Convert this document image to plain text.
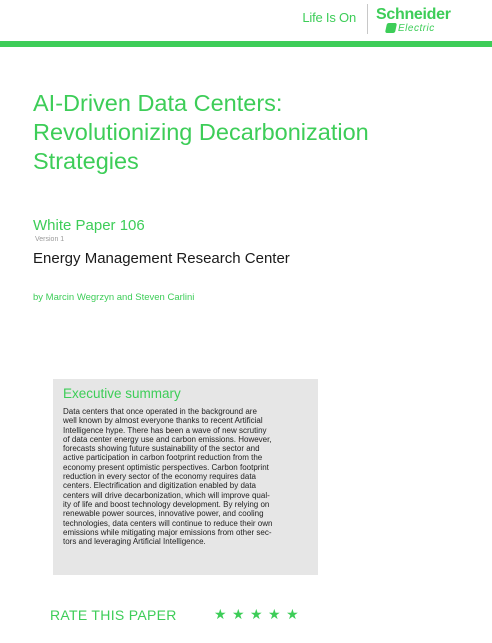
Life Is On Schneider
Electric
AI-Driven Data Centers:
Revolutionizing Decarbonization
Strategies
White Paper 106
Version 1
Energy Management Research Center
by Marcin Wegrzyn and Steven Carlini
Executive summary
Data centers that once operated in the background are
well known by almost everyone thanks to recent Artificial
Intelligence hype. There has been a wave of new scrutiny
of data center energy use and carbon emissions. However,
forecasts showing future sustainability of the sector and
active participation in carbon footprint reduction from the
economy present optimistic perspectives. Carbon footprint
reduction in every sector of the economy requires data
centers. Electrification and digitization enabled by data
centers will drive decarbonization, which will improve qual-
ity of life and boost technology development. By relying on
renewable power sources, innovative power, and cooling
technologies, data centers will continue to reduce their own
emissions while mitigating major emissions from other sec-
tors and leveraging Artificial Intelligence.
RATE THIS PAPER	★ ★ ★ ★ ★
